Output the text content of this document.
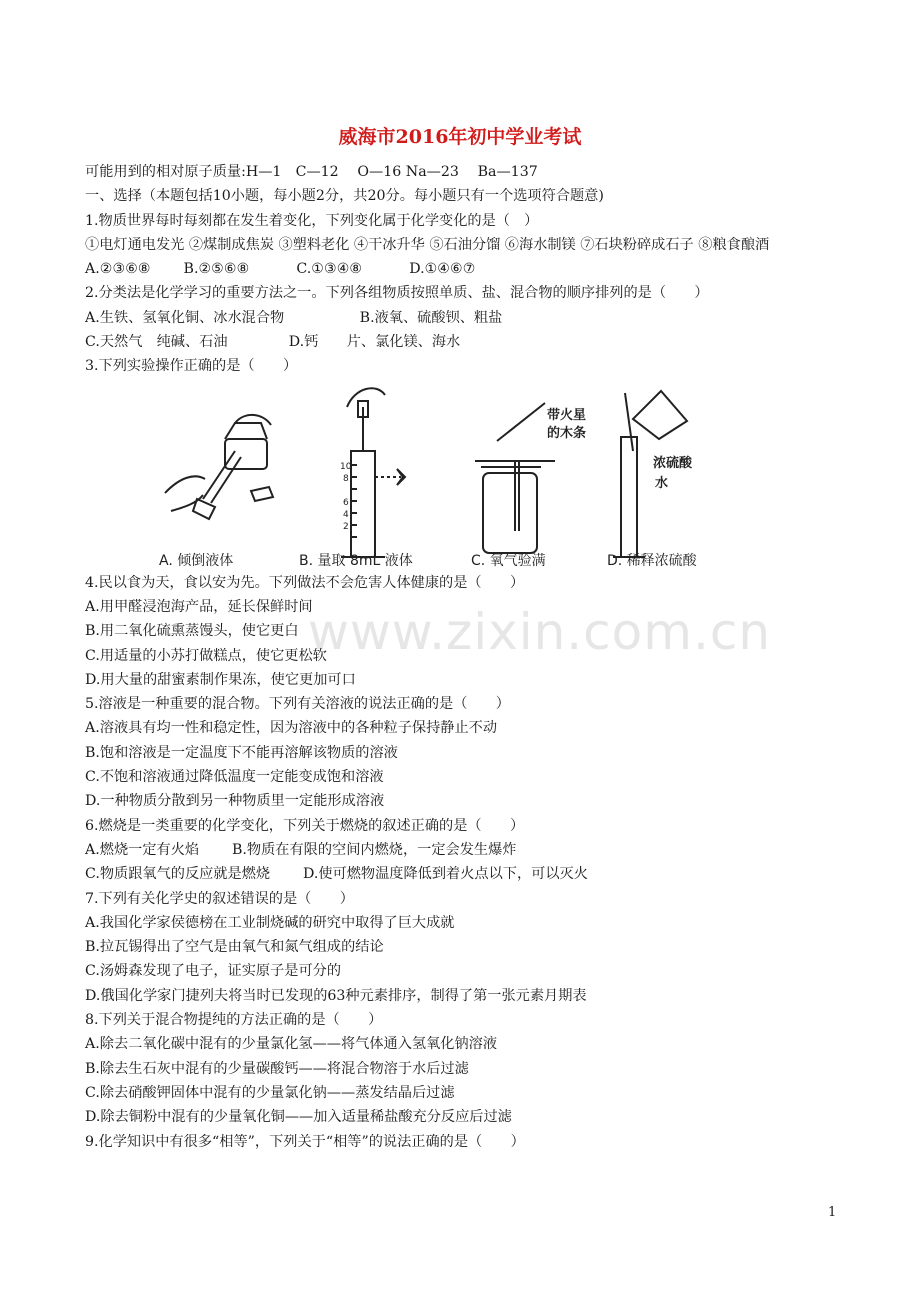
威海市2016年初中学业考试
www.zixin.com.cn
可能用到的相对原子质量:H—1　C—12　 O—16 Na—23　 Ba—137
一、选择（本题包括10小题，每小题2分，共20分。每小题只有一个选项符合题意)
1.物质世界每时每刻都在发生着变化，下列变化属于化学变化的是（　）
①电灯通电发光 ②煤制成焦炭 ③塑料老化 ④干冰升华 ⑤石油分馏 ⑥海水制镁 ⑦石块粉碎成石子 ⑧粮食酿酒
A.②③⑥⑧　　 B.②⑤⑥⑧　　　 C.①③④⑧　　　 D.①④⑥⑦
2.分类法是化学学习的重要方法之一。下列各组物质按照单质、盐、混合物的顺序排列的是（　　）
A.生铁、氢氧化铜、冰水混合物　　　　　 B.液氧、硫酸钡、粗盐
C.天然气　纯碱、石油　　　　 D.钙　　片、氯化镁、海水
3.下列实验操作正确的是（　　）
10
8
6
4
2
带火星
的木条
浓硫酸
水
A. 倾倒液体	B. 量取 8mL 液体	C. 氧气验满	D. 稀释浓硫酸
4.民以食为天，食以安为先。下列做法不会危害人体健康的是（　　）
A.用甲醛浸泡海产品，延长保鲜时间
B.用二氧化硫熏蒸馒头，使它更白
C.用适量的小苏打做糕点，使它更松软
D.用大量的甜蜜素制作果冻，使它更加可口
5.溶液是一种重要的混合物。下列有关溶液的说法正确的是（　　）
A.溶液具有均一性和稳定性，因为溶液中的各种粒子保持静止不动
B.饱和溶液是一定温度下不能再溶解该物质的溶液
C.不饱和溶液通过降低温度一定能变成饱和溶液
D.一种物质分散到另一种物质里一定能形成溶液
6.燃烧是一类重要的化学变化，下列关于燃烧的叙述正确的是（　　）
A.燃烧一定有火焰　　 B.物质在有限的空间内燃烧，一定会发生爆炸
C.物质跟氧气的反应就是燃烧　　 D.使可燃物温度降低到着火点以下，可以灭火
7.下列有关化学史的叙述错误的是（　　）
A.我国化学家侯德榜在工业制烧碱的研究中取得了巨大成就
B.拉瓦锡得出了空气是由氧气和氮气组成的结论
C.汤姆森发现了电子，证实原子是可分的
D.俄国化学家门捷列夫将当时已发现的63种元素排序，制得了第一张元素月期表
8.下列关于混合物提纯的方法正确的是（　　）
A.除去二氧化碳中混有的少量氯化氢——将气体通入氢氧化钠溶液
B.除去生石灰中混有的少量碳酸钙——将混合物溶于水后过滤
C.除去硝酸钾固体中混有的少量氯化钠——蒸发结晶后过滤
D.除去铜粉中混有的少量氧化铜——加入适量稀盐酸充分反应后过滤
9.化学知识中有很多“相等”，下列关于“相等”的说法正确的是（　　）
1
